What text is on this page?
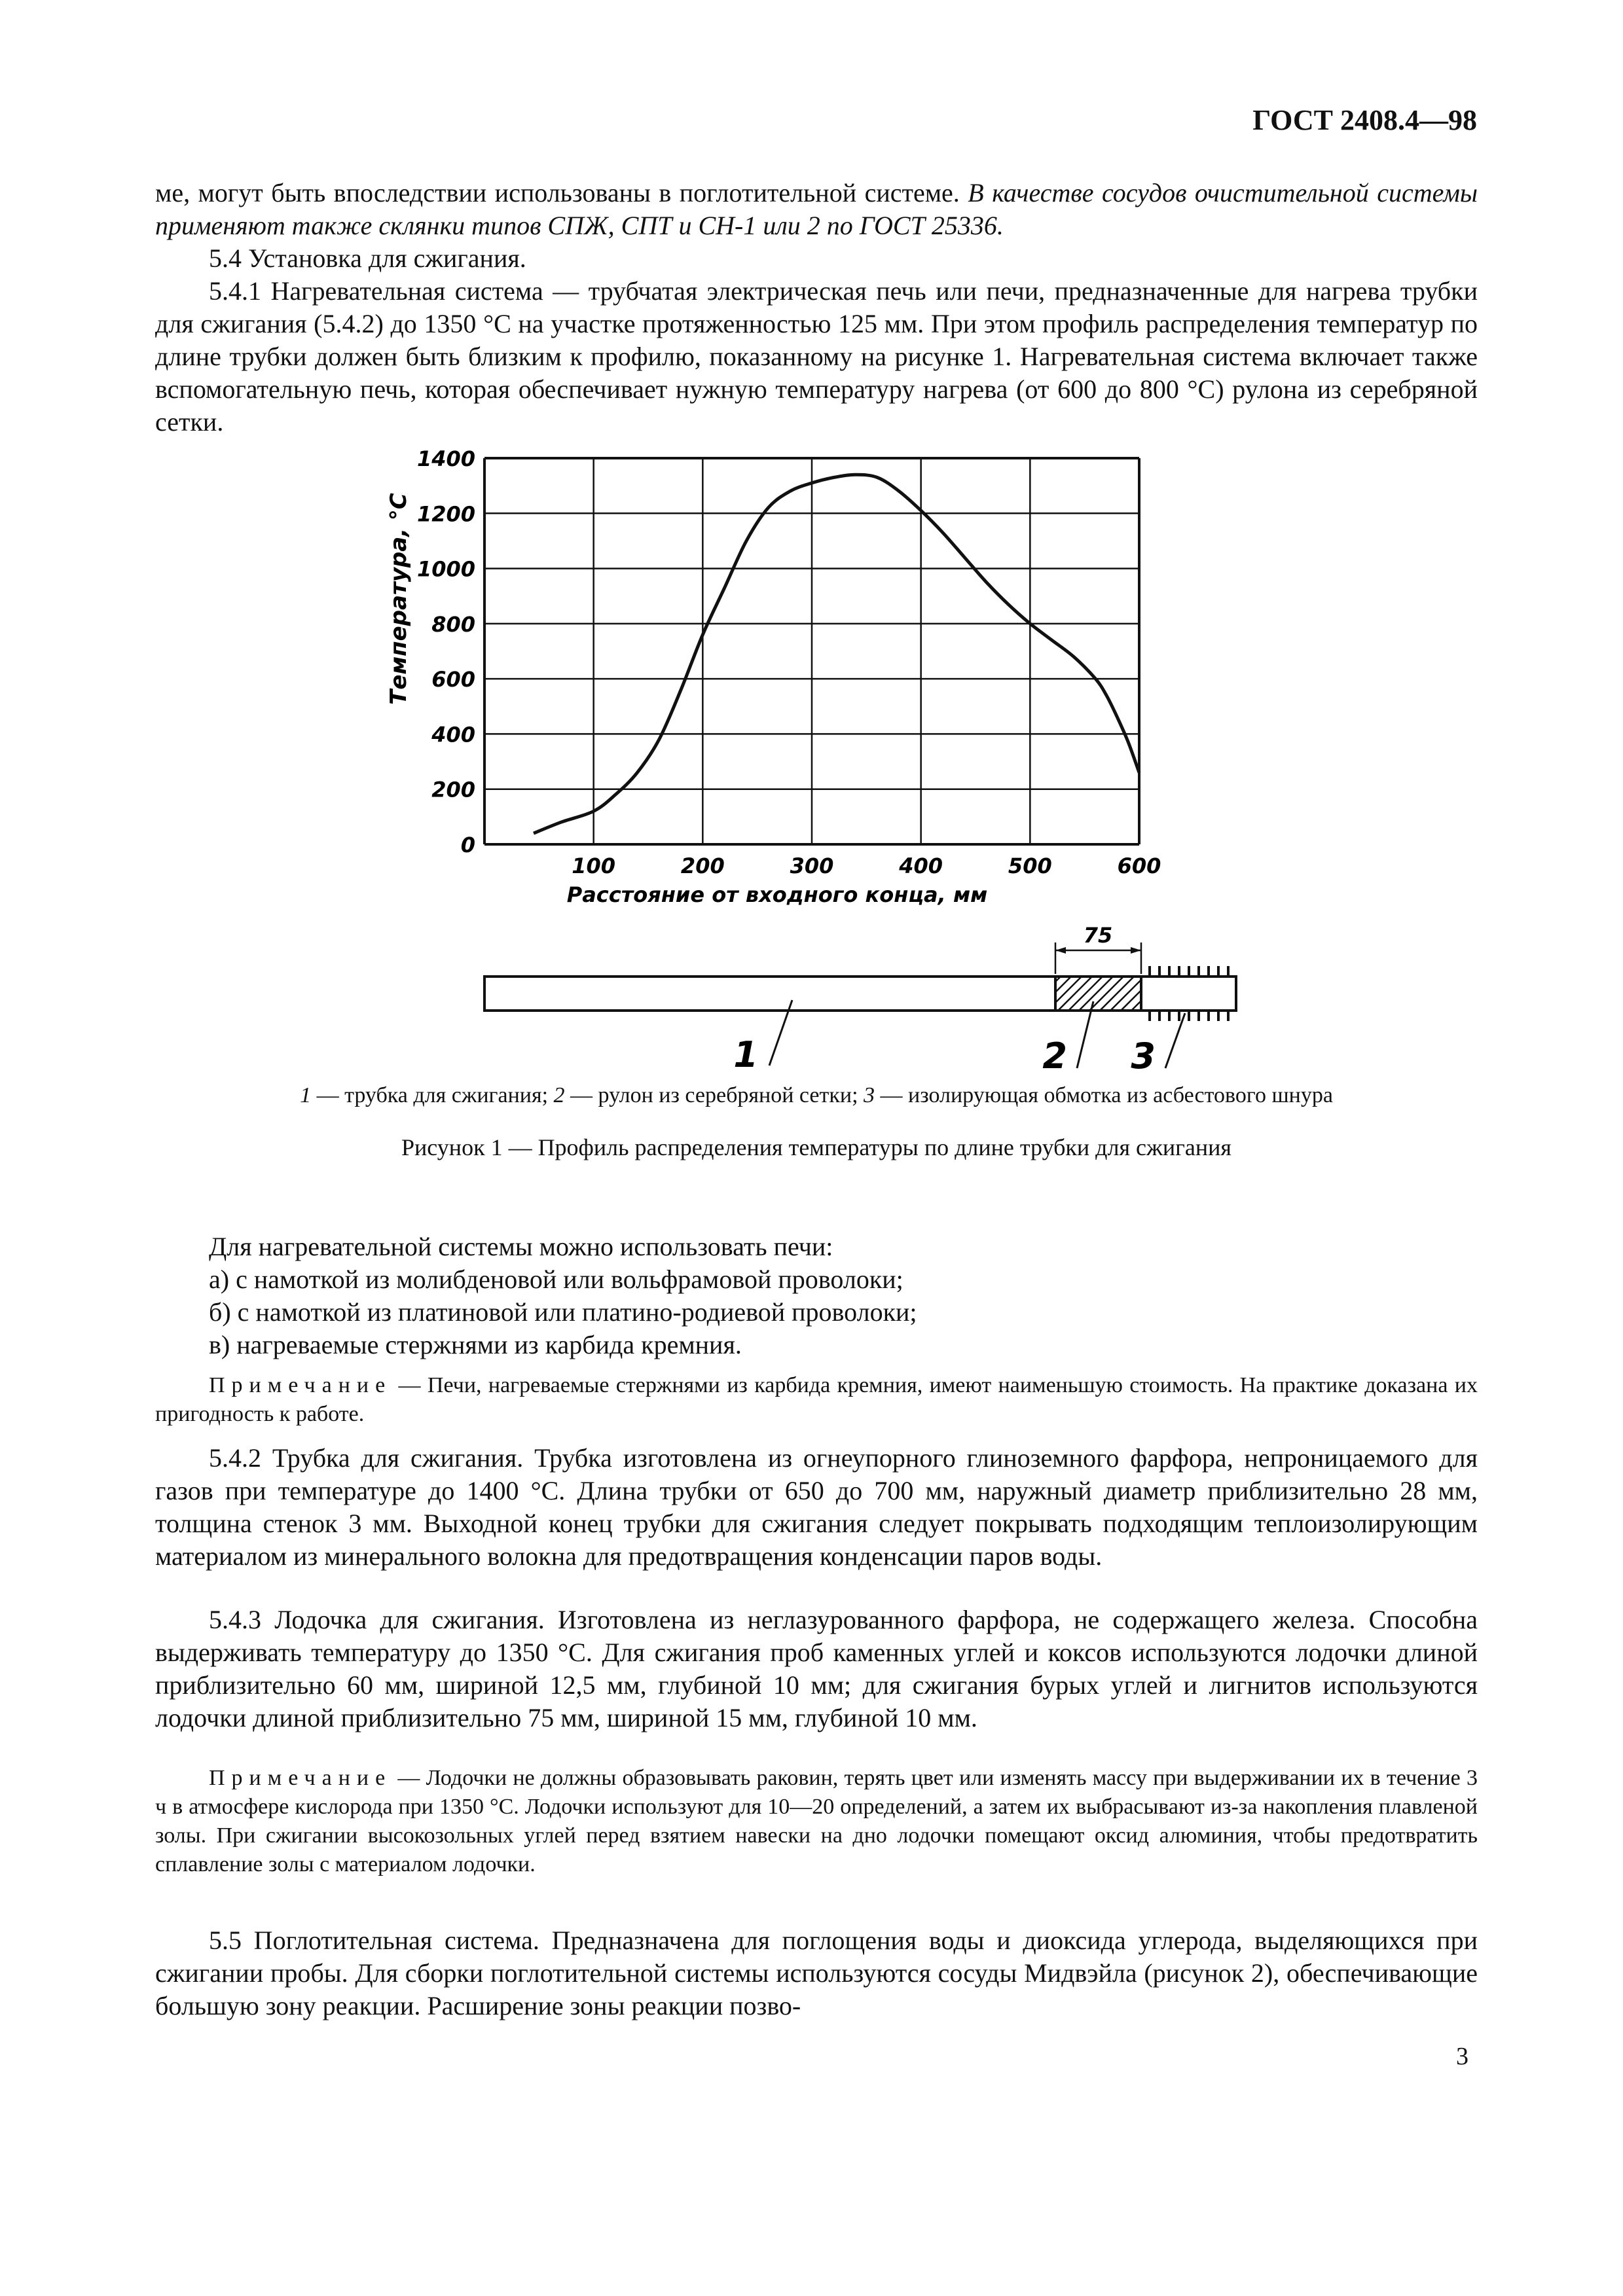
ГОСТ 2408.4—98

ме, могут быть впоследствии использованы в поглотительной системе. В качестве сосудов очистительной системы применяют также склянки типов СПЖ, СПТ и СН-1 или 2 по ГОСТ 25336.

5.4 Установка для сжигания.

5.4.1 Нагревательная система — трубчатая электрическая печь или печи, предназначенные для нагрева трубки для сжигания (5.4.2) до 1350 °С на участке протяженностью 125 мм. При этом профиль распределения температур по длине трубки должен быть близким к профилю, показанному на рисунке 1. Нагревательная система включает также вспомогательную печь, которая обеспечивает нужную температуру нагрева (от 600 до 800 °С) рулона из серебряной сетки.

0
200
400
600
800
1000
1200
1400
100	200	300	400	500	600
Температура, °С
Расстояние от входного конца, мм
75
1	2 3
1 — трубка для сжигания; 2 — рулон из серебряной сетки; 3 — изолирующая обмотка из асбестового шнура
Рисунок 1 — Профиль распределения температуры по длине трубки для сжигания

Для нагревательной системы можно использовать печи:

а) с намоткой из молибденовой или вольфрамовой проволоки;

б) с намоткой из платиновой или платино-родиевой проволоки;

в) нагреваемые стержнями из карбида кремния.

Примечание — Печи, нагреваемые стержнями из карбида кремния, имеют наименьшую стоимость. На практике доказана их пригодность к работе.

5.4.2 Трубка для сжигания. Трубка изготовлена из огнеупорного глиноземного фарфора, непроницаемого для газов при температуре до 1400 °С. Длина трубки от 650 до 700 мм, наружный диаметр приблизительно 28 мм, толщина стенок 3 мм. Выходной конец трубки для сжигания следует покрывать подходящим теплоизолирующим материалом из минерального волокна для предотвращения конденсации паров воды.

5.4.3 Лодочка для сжигания. Изготовлена из неглазурованного фарфора, не содержащего железа. Способна выдерживать температуру до 1350 °С. Для сжигания проб каменных углей и коксов используются лодочки длиной приблизительно 60 мм, шириной 12,5 мм, глубиной 10 мм; для сжигания бурых углей и лигнитов используются лодочки длиной приблизительно 75 мм, шириной 15 мм, глубиной 10 мм.

Примечание — Лодочки не должны образовывать раковин, терять цвет или изменять массу при выдерживании их в течение 3 ч в атмосфере кислорода при 1350 °С. Лодочки используют для 10—20 определений, а затем их выбрасывают из-за накопления плавленой золы. При сжигании высокозольных углей перед взятием навески на дно лодочки помещают оксид алюминия, чтобы предотвратить сплавление золы с материалом лодочки.

5.5 Поглотительная система. Предназначена для поглощения воды и диоксида углерода, выделяющихся при сжигании пробы. Для сборки поглотительной системы используются сосуды Мидвэйла (рисунок 2), обеспечивающие большую зону реакции. Расширение зоны реакции позво-

3
